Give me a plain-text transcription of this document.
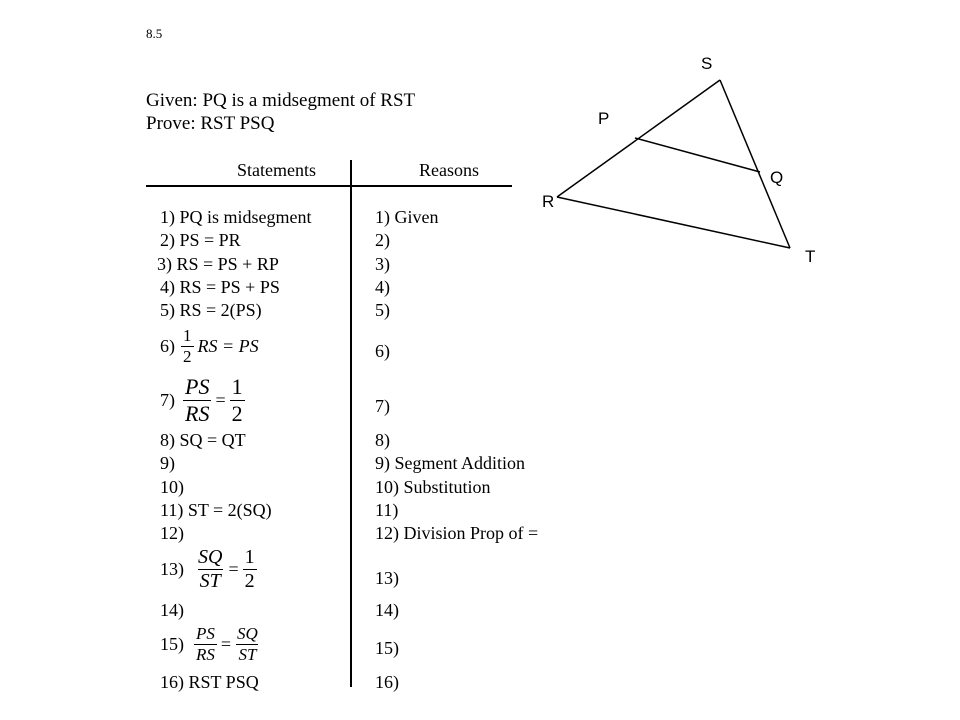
8.5
Given: PQ is a midsegment of RST
Prove: RST PSQ
Statements	Reasons
1) PQ is midsegment
2) PS = PR
3) RS = PS + RP
4) RS = PS + PS
5) RS = 2(PS)
$6) \frac{1}{2}$ RS = PS
$7) \frac{PS}{RS} = \frac{1}{2}$
8) SQ = QT
9)
10)
11) ST = 2(SQ)
12)
$13) \frac{SQ}{ST} = \frac{1}{2}$
14)
$15) \frac{PS}{RS} = \frac{SQ}{ST}$
16) RST PSQ
1) Given
2)
3)
4)
5)
6)
7)
8)
9) Segment Addition
10) Substitution
11)
12) Division Prop of =
13)
14)
15)
16)
S
P
Q
R
T
